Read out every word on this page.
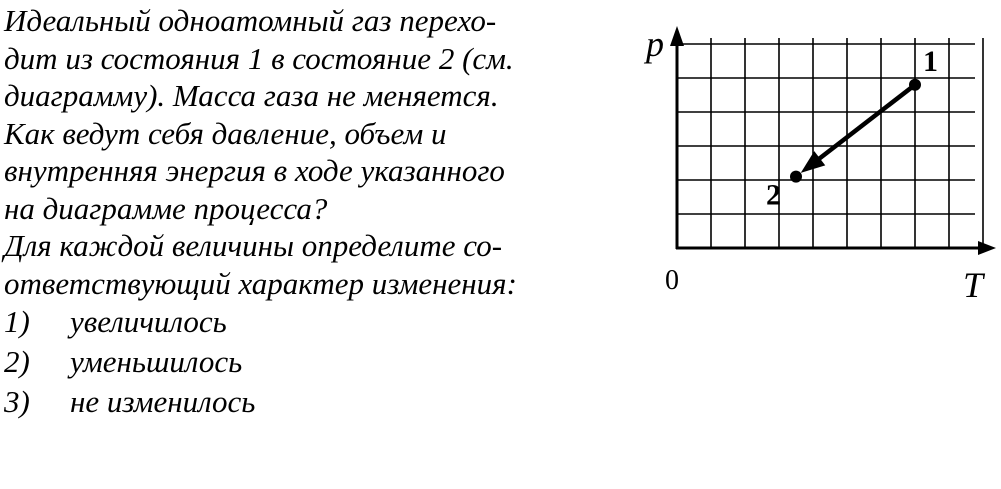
Идеальный одноатомный газ перехо-
дит из состояния 1 в состояние 2 (см.
диаграмму). Масса газа не меняется.
Как ведут себя давление, объем и
внутренняя энергия в ходе указанного
на диаграмме процесса?
Для каждой величины определите со-
ответствующий характер изменения:
1)	увеличилось
2)	уменьшилось
3)	не изменилось
p
T
0
1
2
